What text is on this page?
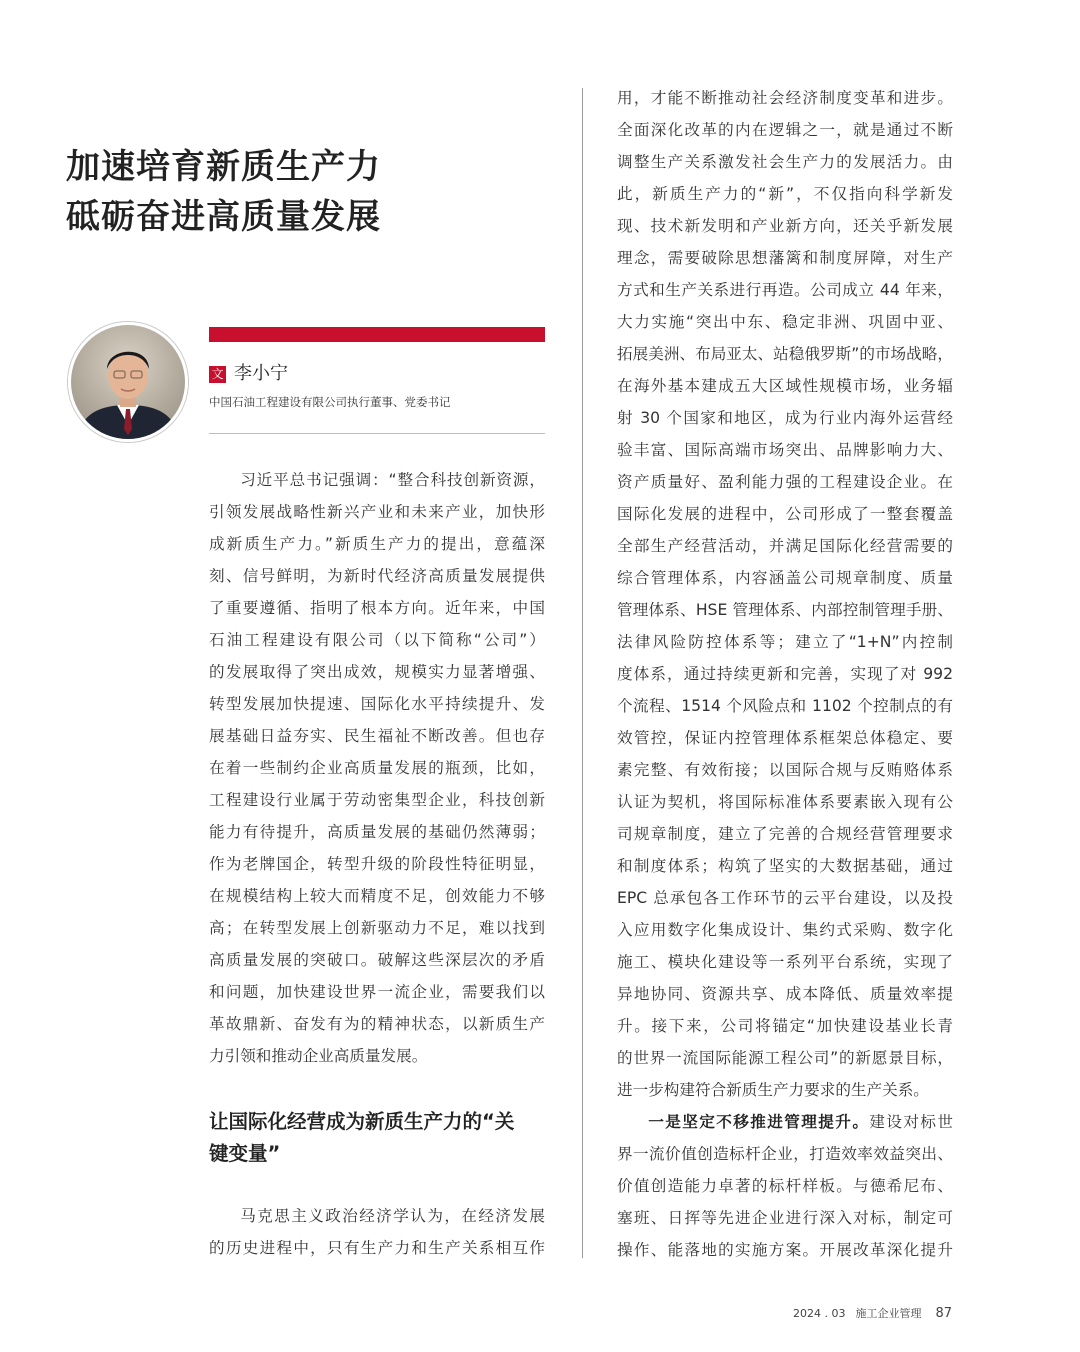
加速培育新质生产力
砥砺奋进高质量发展
文 李小宁
中国石油工程建设有限公司执行董事、党委书记
习近平总书记强调：“整合科技创新资源，
引领发展战略性新兴产业和未来产业，加快形
成新质生产力。”新质生产力的提出，意蕴深
刻、信号鲜明，为新时代经济高质量发展提供
了重要遵循、指明了根本方向。近年来，中国
石油工程建设有限公司（以下简称“公司”）
的发展取得了突出成效，规模实力显著增强、
转型发展加快提速、国际化水平持续提升、发
展基础日益夯实、民生福祉不断改善。但也存
在着一些制约企业高质量发展的瓶颈，比如，
工程建设行业属于劳动密集型企业，科技创新
能力有待提升，高质量发展的基础仍然薄弱；
作为老牌国企，转型升级的阶段性特征明显，
在规模结构上较大而精度不足，创效能力不够
高；在转型发展上创新驱动力不足，难以找到
高质量发展的突破口。破解这些深层次的矛盾
和问题，加快建设世界一流企业，需要我们以
革故鼎新、奋发有为的精神状态，以新质生产
力引领和推动企业高质量发展。
让国际化经营成为新质生产力的“关
键变量”
马克思主义政治经济学认为，在经济发展
的历史进程中，只有生产力和生产关系相互作
用，才能不断推动社会经济制度变革和进步。
全面深化改革的内在逻辑之一，就是通过不断
调整生产关系激发社会生产力的发展活力。由
此，新质生产力的“新”，不仅指向科学新发
现、技术新发明和产业新方向，还关乎新发展
理念，需要破除思想藩篱和制度屏障，对生产
方式和生产关系进行再造。公司成立 44 年来，
大力实施“突出中东、稳定非洲、巩固中亚、
拓展美洲、布局亚太、站稳俄罗斯”的市场战略，
在海外基本建成五大区域性规模市场，业务辐
射 30 个国家和地区，成为行业内海外运营经
验丰富、国际高端市场突出、品牌影响力大、
资产质量好、盈利能力强的工程建设企业。在
国际化发展的进程中，公司形成了一整套覆盖
全部生产经营活动，并满足国际化经营需要的
综合管理体系，内容涵盖公司规章制度、质量
管理体系、HSE 管理体系、内部控制管理手册、
法律风险防控体系等；建立了“1+N”内控制
度体系，通过持续更新和完善，实现了对 992
个流程、1514 个风险点和 1102 个控制点的有
效管控，保证内控管理体系框架总体稳定、要
素完整、有效衔接；以国际合规与反贿赂体系
认证为契机，将国际标准体系要素嵌入现有公
司规章制度，建立了完善的合规经营管理要求
和制度体系；构筑了坚实的大数据基础，通过
EPC 总承包各工作环节的云平台建设，以及投
入应用数字化集成设计、集约式采购、数字化
施工、模块化建设等一系列平台系统，实现了
异地协同、资源共享、成本降低、质量效率提
升。接下来，公司将锚定“加快建设基业长青
的世界一流国际能源工程公司”的新愿景目标，
进一步构建符合新质生产力要求的生产关系。
一是坚定不移推进管理提升。建设对标世
界一流价值创造标杆企业，打造效率效益突出、
价值创造能力卓著的标杆样板。与德希尼布、
塞班、日挥等先进企业进行深入对标，制定可
操作、能落地的实施方案。开展改革深化提升
2024 . 03 施工企业管理 87
